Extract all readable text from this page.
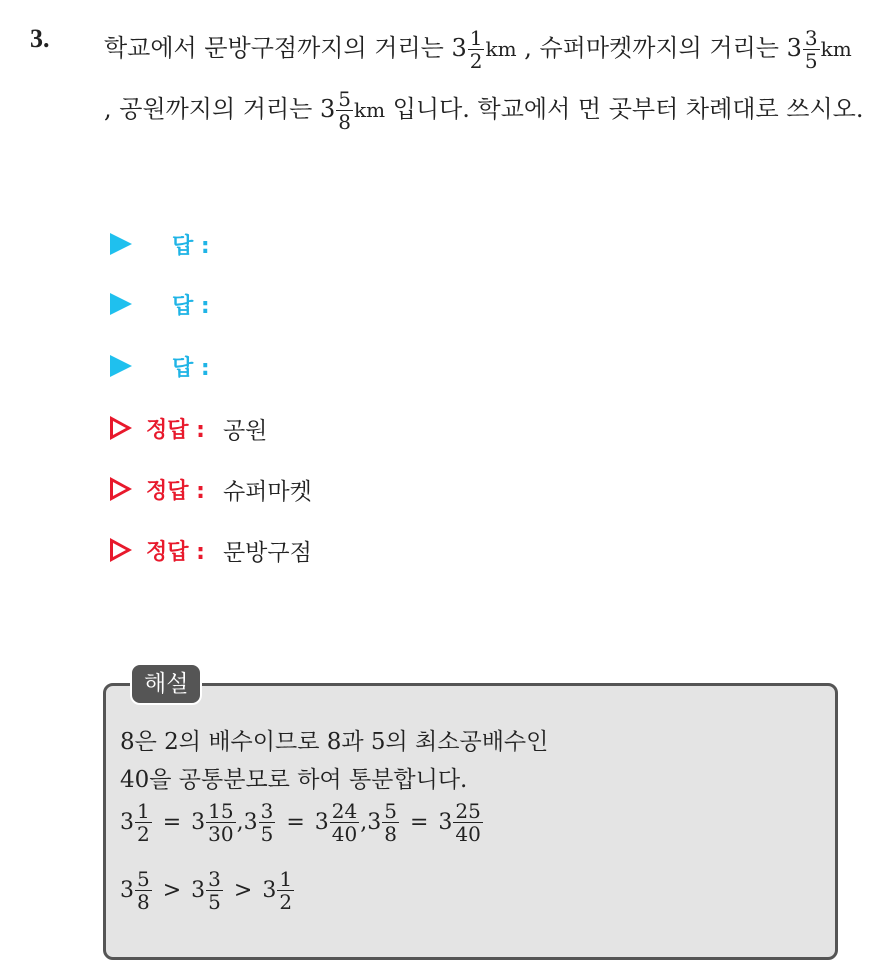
3. 학교에서 문방구점까지의 거리는 $3 \frac{1}{2}$ km , 슈퍼마켓까지의 거리는 $3 \frac{3}{5}$ km , 공원까지의 거리는 $3 \frac{5}{8}$ km 입니다. 학교에서 먼 곳부터 차례대로 쓰시오.
답 :
답 :
답 :
정답 : 공원
정답 : 슈퍼마켓
정답 : 문방구점
해설
8은 2의 배수이므로 8과 5의 최소공배수인
40을 공통분모로 하여 통분합니다.
$3 \frac{1}{2} = 3 \frac{15}{30}$ , $3 \frac{3}{5} = 3 \frac{24}{40}$ , $3 \frac{5}{8} = 3 \frac{25}{40}$
$3 \frac{5}{8} > 3 \frac{3}{5} > 3 \frac{1}{2}$
